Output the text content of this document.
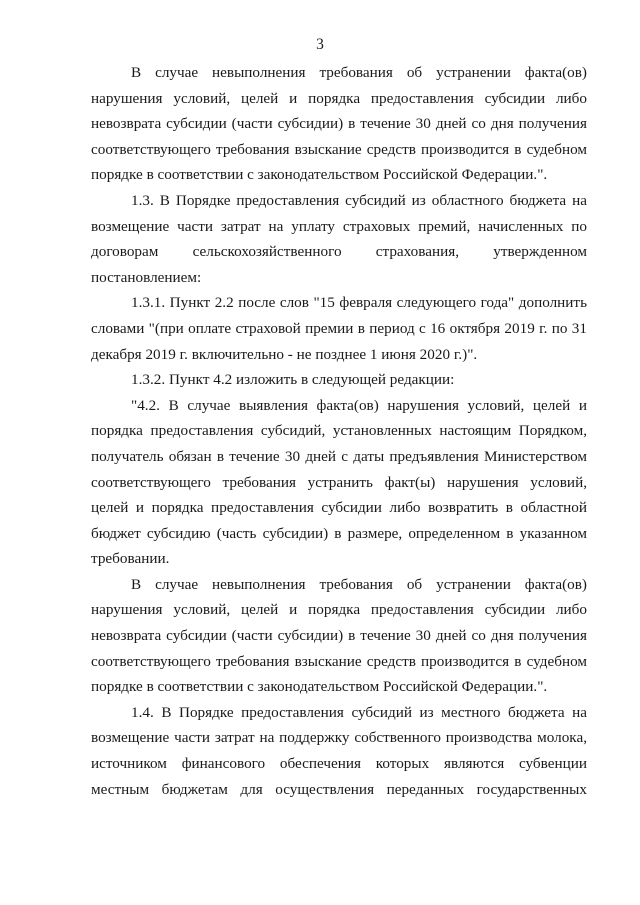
3

В случае невыполнения требования об устранении факта(ов) нарушения условий, целей и порядка предоставления субсидии либо невозврата субсидии (части субсидии) в течение 30 дней со дня получения соответствующего требования взыскание средств производится в судебном порядке в соответствии с законодательством Российской Федерации.".

1.3. В Порядке предоставления субсидий из областного бюджета на возмещение части затрат на уплату страховых премий, начисленных по договорам сельскохозяйственного страхования, утвержденном постановлением:

1.3.1. Пункт 2.2 после слов "15 февраля следующего года" дополнить словами "(при оплате страховой премии в период с 16 октября 2019 г. по 31 декабря 2019 г. включительно - не позднее 1 июня 2020 г.)".

1.3.2. Пункт 4.2 изложить в следующей редакции:

"4.2. В случае выявления факта(ов) нарушения условий, целей и порядка предоставления субсидий, установленных настоящим Порядком, получатель обязан в течение 30 дней с даты предъявления Министерством соответствующего требования устранить факт(ы) нарушения условий, целей и порядка предоставления субсидии либо возвратить в областной бюджет субсидию (часть субсидии) в размере, определенном в указанном требовании.

В случае невыполнения требования об устранении факта(ов) нарушения условий, целей и порядка предоставления субсидии либо невозврата субсидии (части субсидии) в течение 30 дней со дня получения соответствующего требования взыскание средств производится в судебном порядке в соответствии с законодательством Российской Федерации.".

1.4. В Порядке предоставления субсидий из местного бюджета на возмещение части затрат на поддержку собственного производства молока, источником финансового обеспечения которых являются субвенции местным бюджетам для осуществления переданных государственных
